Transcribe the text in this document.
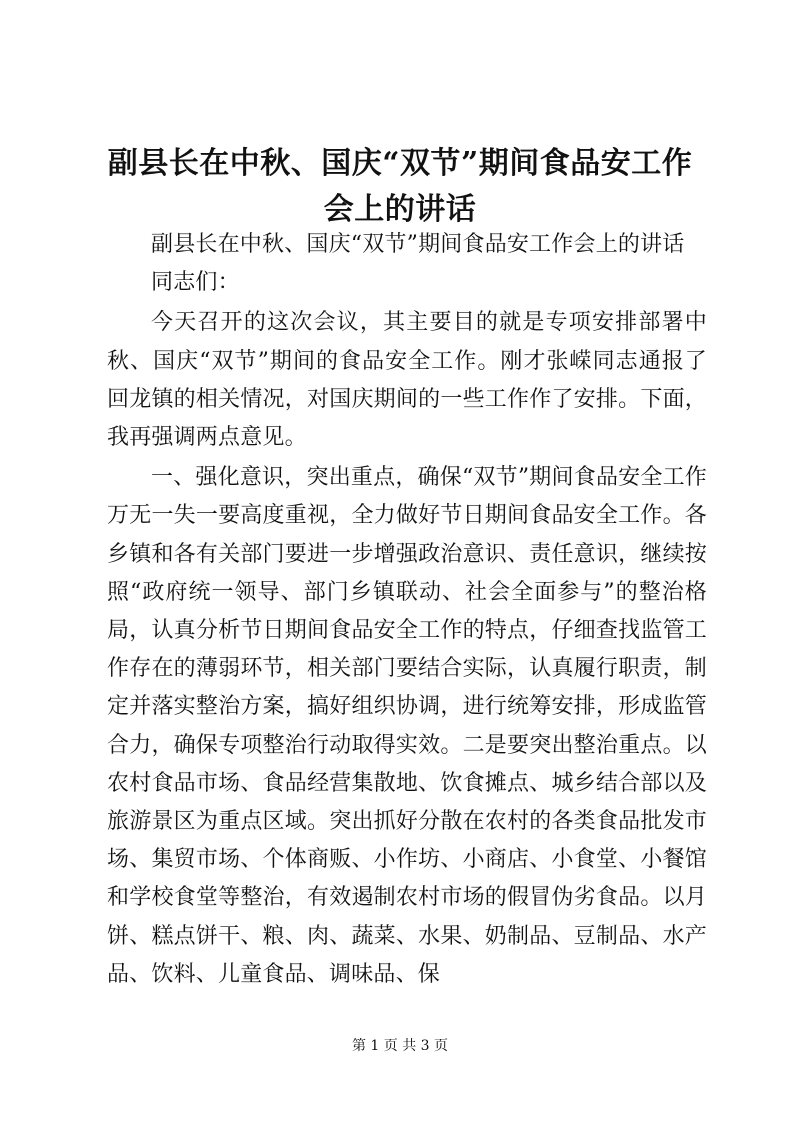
副县长在中秋、国庆“双节”期间食品安工作
会上的讲话

副县长在中秋、国庆“双节”期间食品安工作会上的讲话

同志们：

今天召开的这次会议，其主要目的就是专项安排部署中秋、国庆“双节”期间的食品安全工作。刚才张嵘同志通报了回龙镇的相关情况，对国庆期间的一些工作作了安排。下面，我再强调两点意见。

一、强化意识，突出重点，确保“双节”期间食品安全工作万无一失一要高度重视，全力做好节日期间食品安全工作。各乡镇和各有关部门要进一步增强政治意识、责任意识，继续按照“政府统一领导、部门乡镇联动、社会全面参与”的整治格局，认真分析节日期间食品安全工作的特点，仔细查找监管工作存在的薄弱环节，相关部门要结合实际，认真履行职责，制定并落实整治方案，搞好组织协调，进行统筹安排，形成监管合力，确保专项整治行动取得实效。二是要突出整治重点。以农村食品市场、食品经营集散地、饮食摊点、城乡结合部以及旅游景区为重点区域。突出抓好分散在农村的各类食品批发市场、集贸市场、个体商贩、小作坊、小商店、小食堂、小餐馆和学校食堂等整治，有效遏制农村市场的假冒伪劣食品。以月饼、糕点饼干、粮、肉、蔬菜、水果、奶制品、豆制品、水产品、饮料、儿童食品、调味品、保

第 1 页 共 3 页
